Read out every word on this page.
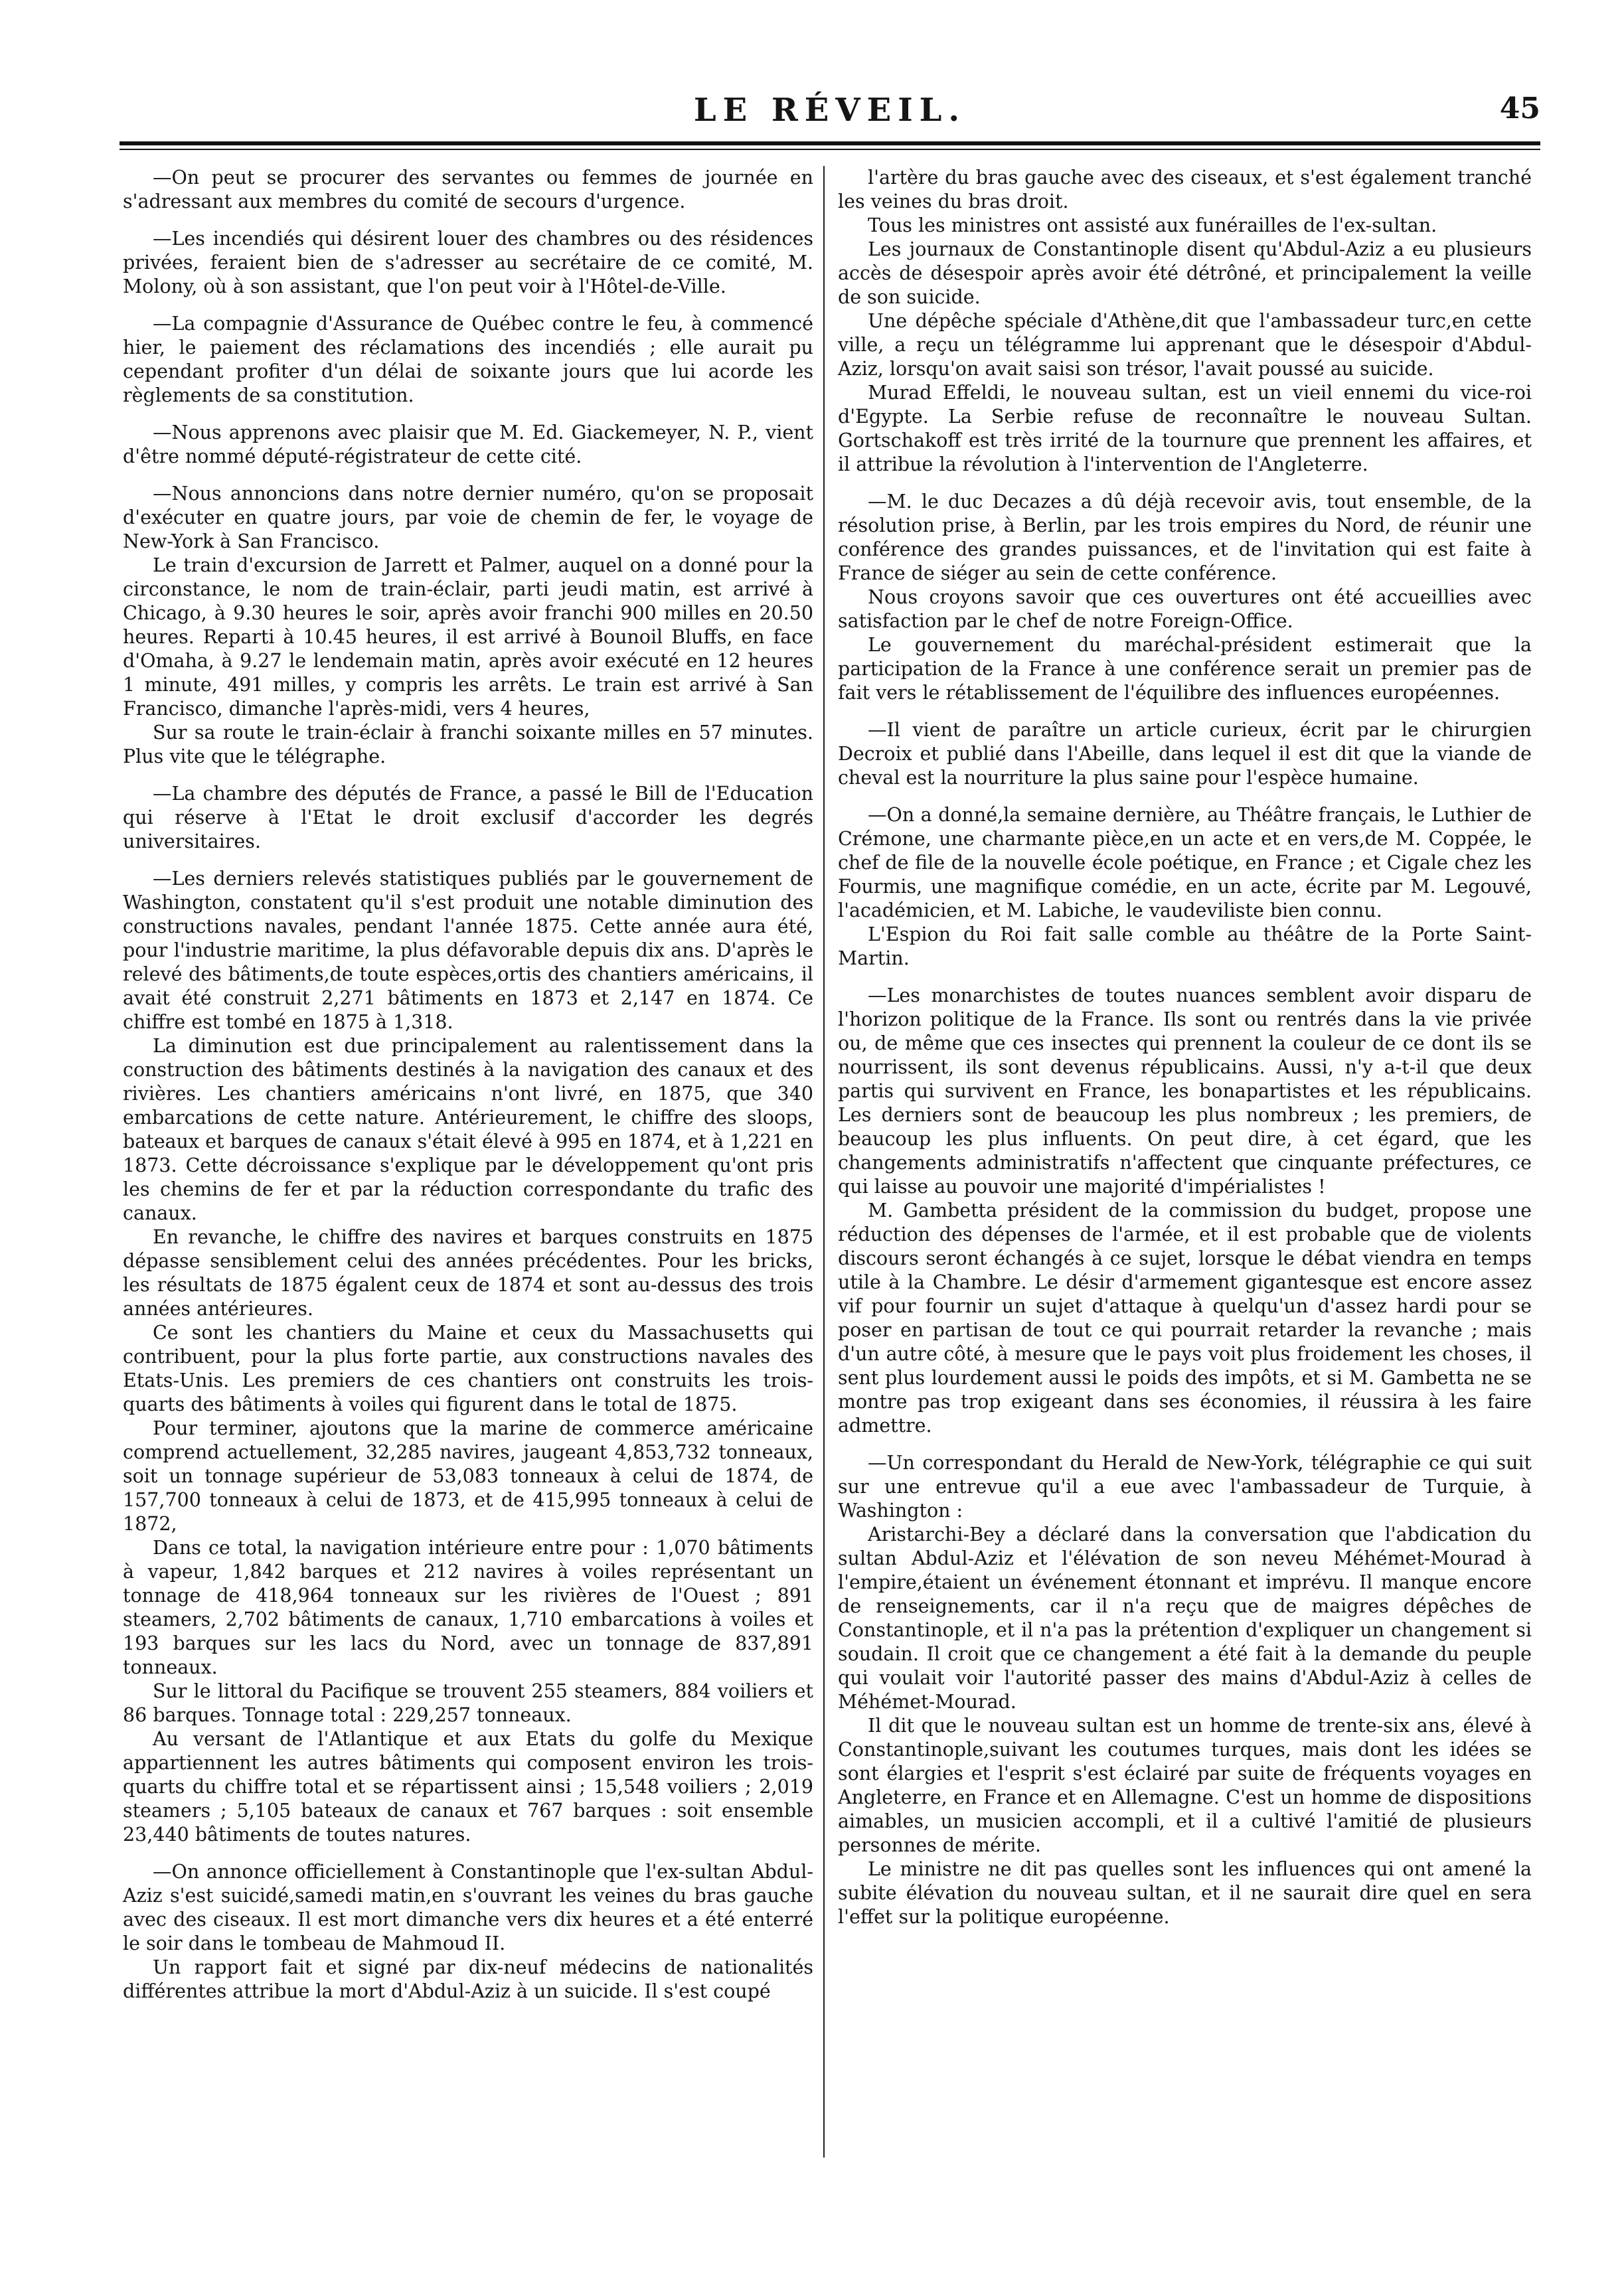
LE RÉVEIL.	45

—On peut se procurer des servantes ou femmes de journée en s'adressant aux membres du comité de secours d'urgence.

—Les incendiés qui désirent louer des chambres ou des résidences privées, feraient bien de s'adresser au secrétaire de ce comité, M. Molony, où à son assistant, que l'on peut voir à l'Hôtel-de-Ville.

—La compagnie d'Assurance de Québec contre le feu, à commencé hier, le paiement des réclamations des incendiés ; elle aurait pu cependant profiter d'un délai de soixante jours que lui acorde les règlements de sa constitution.

—Nous apprenons avec plaisir que M. Ed. Giackemeyer, N. P., vient d'être nommé député-régistrateur de cette cité.

—Nous annoncions dans notre dernier numéro, qu'on se proposait d'exécuter en quatre jours, par voie de chemin de fer, le voyage de New-York à San Francisco.

Le train d'excursion de Jarrett et Palmer, auquel on a donné pour la circonstance, le nom de train-éclair, parti jeudi matin, est arrivé à Chicago, à 9.30 heures le soir, après avoir franchi 900 milles en 20.50 heures. Reparti à 10.45 heures, il est arrivé à Bounoil Bluffs, en face d'Omaha, à 9.27 le lendemain matin, après avoir exécuté en 12 heures 1 minute, 491 milles, y compris les arrêts. Le train est arrivé à San Francisco, dimanche l'après-midi, vers 4 heures,

Sur sa route le train-éclair à franchi soixante milles en 57 minutes. Plus vite que le télégraphe.

—La chambre des députés de France, a passé le Bill de l'Education qui réserve à l'Etat le droit exclusif d'accorder les degrés universitaires.

—Les derniers relevés statistiques publiés par le gouvernement de Washington, constatent qu'il s'est produit une notable diminution des constructions navales, pendant l'année 1875. Cette année aura été, pour l'industrie maritime, la plus défavorable depuis dix ans. D'après le relevé des bâtiments,de toute espèces,ortis des chantiers américains, il avait été construit 2,271 bâtiments en 1873 et 2,147 en 1874. Ce chiffre est tombé en 1875 à 1,318.

La diminution est due principalement au ralentissement dans la construction des bâtiments destinés à la navigation des canaux et des rivières. Les chantiers américains n'ont livré, en 1875, que 340 embarcations de cette nature. Antérieurement, le chiffre des sloops, bateaux et barques de canaux s'était élevé à 995 en 1874, et à 1,221 en 1873. Cette décroissance s'explique par le développement qu'ont pris les chemins de fer et par la réduction correspondante du trafic des canaux.

En revanche, le chiffre des navires et barques construits en 1875 dépasse sensiblement celui des années précédentes. Pour les bricks, les résultats de 1875 égalent ceux de 1874 et sont au-dessus des trois années antérieures.

Ce sont les chantiers du Maine et ceux du Massachusetts qui contribuent, pour la plus forte partie, aux constructions navales des Etats-Unis. Les premiers de ces chantiers ont construits les trois-quarts des bâtiments à voiles qui figurent dans le total de 1875.

Pour terminer, ajoutons que la marine de commerce américaine comprend actuellement, 32,285 navires, jaugeant 4,853,732 tonneaux, soit un tonnage supérieur de 53,083 tonneaux à celui de 1874, de 157,700 tonneaux à celui de 1873, et de 415,995 tonneaux à celui de 1872,

Dans ce total, la navigation intérieure entre pour : 1,070 bâtiments à vapeur, 1,842 barques et 212 navires à voiles représentant un tonnage de 418,964 tonneaux sur les rivières de l'Ouest ; 891 steamers, 2,702 bâtiments de canaux, 1,710 embarcations à voiles et 193 barques sur les lacs du Nord, avec un tonnage de 837,891 tonneaux.

Sur le littoral du Pacifique se trouvent 255 steamers, 884 voiliers et 86 barques. Tonnage total : 229,257 tonneaux.

Au versant de l'Atlantique et aux Etats du golfe du Mexique appartiennent les autres bâtiments qui composent environ les trois-quarts du chiffre total et se répartissent ainsi ; 15,548 voiliers ; 2,019 steamers ; 5,105 bateaux de canaux et 767 barques : soit ensemble 23,440 bâtiments de toutes natures.

—On annonce officiellement à Constantinople que l'ex-sultan Abdul-Aziz s'est suicidé,samedi matin,en s'ouvrant les veines du bras gauche avec des ciseaux. Il est mort dimanche vers dix heures et a été enterré le soir dans le tombeau de Mahmoud II.

Un rapport fait et signé par dix-neuf médecins de nationalités différentes attribue la mort d'Abdul-Aziz à un suicide. Il s'est coupé

l'artère du bras gauche avec des ciseaux, et s'est également tranché les veines du bras droit.

Tous les ministres ont assisté aux funérailles de l'ex-sultan.

Les journaux de Constantinople disent qu'Abdul-Aziz a eu plusieurs accès de désespoir après avoir été détrôné, et principalement la veille de son suicide.

Une dépêche spéciale d'Athène,dit que l'ambassadeur turc,en cette ville, a reçu un télégramme lui apprenant que le désespoir d'Abdul-Aziz, lorsqu'on avait saisi son trésor, l'avait poussé au suicide.

Murad Effeldi, le nouveau sultan, est un vieil ennemi du vice-roi d'Egypte. La Serbie refuse de reconnaître le nouveau Sultan. Gortschakoff est très irrité de la tournure que prennent les affaires, et il attribue la révolution à l'intervention de l'Angleterre.

—M. le duc Decazes a dû déjà recevoir avis, tout ensemble, de la résolution prise, à Berlin, par les trois empires du Nord, de réunir une conférence des grandes puissances, et de l'invitation qui est faite à France de siéger au sein de cette conférence.

Nous croyons savoir que ces ouvertures ont été accueillies avec satisfaction par le chef de notre Foreign-Office.

Le gouvernement du maréchal-président estimerait que la participation de la France à une conférence serait un premier pas de fait vers le rétablissement de l'équilibre des influences européennes.

—Il vient de paraître un article curieux, écrit par le chirurgien Decroix et publié dans l'Abeille, dans lequel il est dit que la viande de cheval est la nourriture la plus saine pour l'espèce humaine.

—On a donné,la semaine dernière, au Théâtre français, le Luthier de Crémone, une charmante pièce,en un acte et en vers,de M. Coppée, le chef de file de la nouvelle école poétique, en France ; et Cigale chez les Fourmis, une magnifique comédie, en un acte, écrite par M. Legouvé, l'académicien, et M. Labiche, le vaudeviliste bien connu.

L'Espion du Roi fait salle comble au théâtre de la Porte Saint-Martin.

—Les monarchistes de toutes nuances semblent avoir disparu de l'horizon politique de la France. Ils sont ou rentrés dans la vie privée ou, de même que ces insectes qui prennent la couleur de ce dont ils se nourrissent, ils sont devenus républicains. Aussi, n'y a-t-il que deux partis qui survivent en France, les bonapartistes et les républicains. Les derniers sont de beaucoup les plus nombreux ; les premiers, de beaucoup les plus influents. On peut dire, à cet égard, que les changements administratifs n'affectent que cinquante préfectures, ce qui laisse au pouvoir une majorité d'impérialistes !

M. Gambetta président de la commission du budget, propose une réduction des dépenses de l'armée, et il est probable que de violents discours seront échangés à ce sujet, lorsque le débat viendra en temps utile à la Chambre. Le désir d'armement gigantesque est encore assez vif pour fournir un sujet d'attaque à quelqu'un d'assez hardi pour se poser en partisan de tout ce qui pourrait retarder la revanche ; mais d'un autre côté, à mesure que le pays voit plus froidement les choses, il sent plus lourdement aussi le poids des impôts, et si M. Gambetta ne se montre pas trop exigeant dans ses économies, il réussira à les faire admettre.

—Un correspondant du Herald de New-York, télégraphie ce qui suit sur une entrevue qu'il a eue avec l'ambassadeur de Turquie, à Washington :

Aristarchi-Bey a déclaré dans la conversation que l'abdication du sultan Abdul-Aziz et l'élévation de son neveu Méhémet-Mourad à l'empire,étaient un événement étonnant et imprévu. Il manque encore de renseignements, car il n'a reçu que de maigres dépêches de Constantinople, et il n'a pas la prétention d'expliquer un changement si soudain. Il croit que ce changement a été fait à la demande du peuple qui voulait voir l'autorité passer des mains d'Abdul-Aziz à celles de Méhémet-Mourad.

Il dit que le nouveau sultan est un homme de trente-six ans, élevé à Constantinople,suivant les coutumes turques, mais dont les idées se sont élargies et l'esprit s'est éclairé par suite de fréquents voyages en Angleterre, en France et en Allemagne. C'est un homme de dispositions aimables, un musicien accompli, et il a cultivé l'amitié de plusieurs personnes de mérite.

Le ministre ne dit pas quelles sont les influences qui ont amené la subite élévation du nouveau sultan, et il ne saurait dire quel en sera l'effet sur la politique européenne.
